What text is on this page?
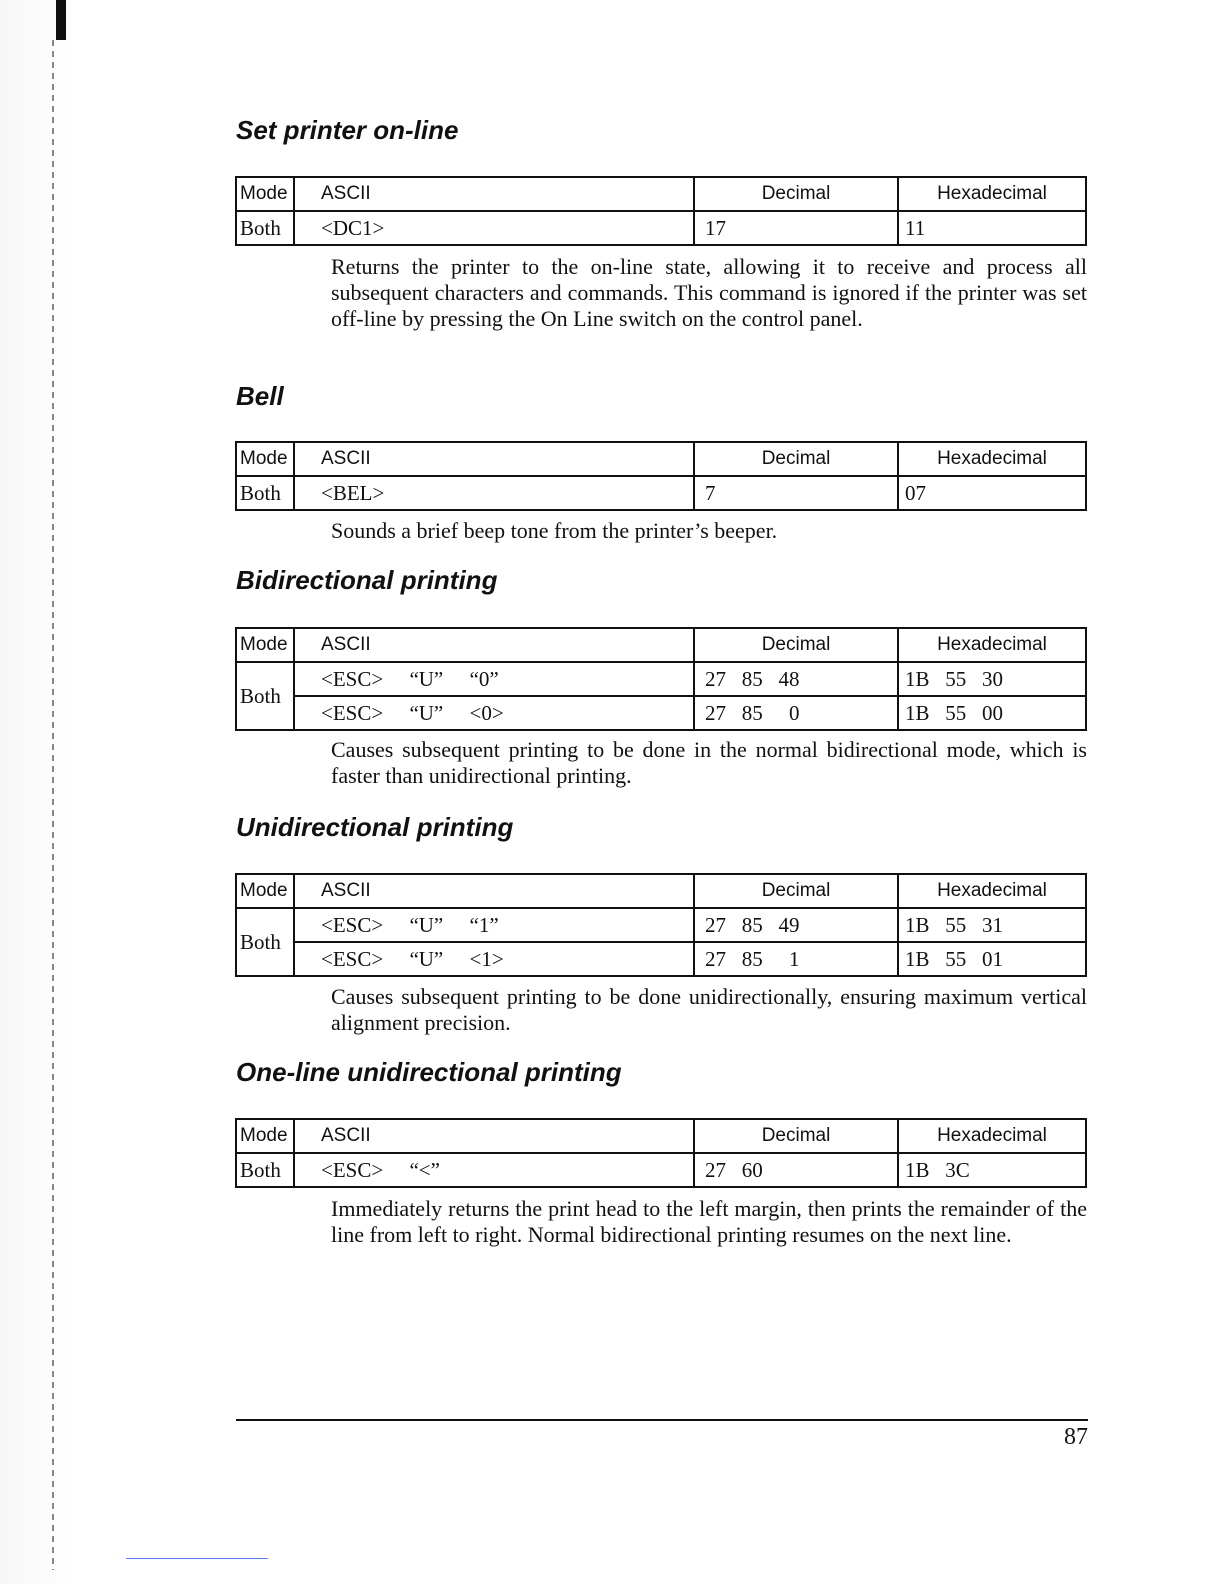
Set printer on-line
Mode	ASCII	Decimal	Hexadecimal
Both	<DC1>	17	11

Returns the printer to the on-line state, allowing it to receive and process all subsequent characters and commands. This command is ignored if the printer was set off-line by pressing the On Line switch on the control panel.

Bell
Mode	ASCII	Decimal	Hexadecimal
Both	<BEL>	7	07

Sounds a brief beep tone from the printer’s beeper.

Bidirectional printing
Mode	ASCII	Decimal	Hexadecimal
Both	<ESC>     “U”     “0”	27   85   48	1B   55   30
	<ESC>     “U”     <0>	27   85     0	1B   55   00

Causes subsequent printing to be done in the normal bidirectional mode, which is faster than unidirectional printing.

Unidirectional printing
Mode	ASCII	Decimal	Hexadecimal
Both	<ESC>     “U”     “1”	27   85   49	1B   55   31
	<ESC>     “U”     <1>	27   85     1	1B   55   01

Causes subsequent printing to be done unidirectionally, ensuring maximum vertical alignment precision.

One-line unidirectional printing
Mode	ASCII	Decimal	Hexadecimal
Both	<ESC>     “<”	27   60	1B   3C

Immediately returns the print head to the left margin, then prints the remainder of the line from left to right. Normal bidirectional printing resumes on the next line.

87
